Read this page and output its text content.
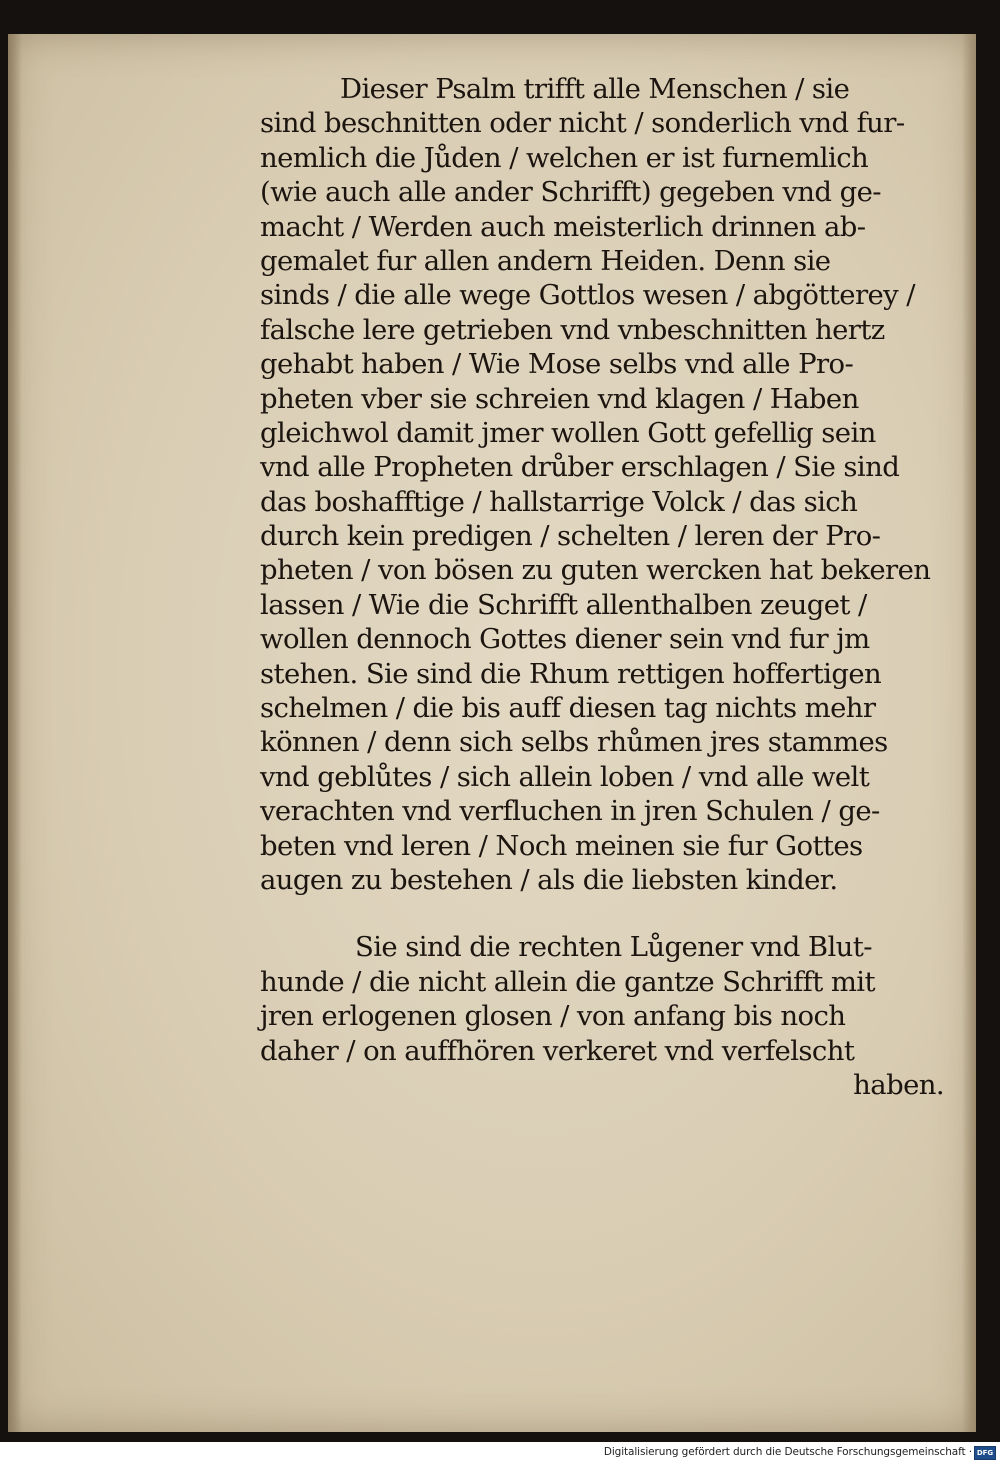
Dieser Psalm trifft alle Menschen / sie
sind beschnitten oder nicht / sonderlich vnd fur-
nemlich die Jůden / welchen er ist furnemlich
(wie auch alle ander Schrifft) gegeben vnd ge-
macht / Werden auch meisterlich drinnen ab-
gemalet fur allen andern Heiden. Denn sie
sinds / die alle wege Gottlos wesen / abgötterey /
falsche lere getrieben vnd vnbeschnitten hertz
gehabt haben / Wie Mose selbs vnd alle Pro-
pheten vber sie schreien vnd klagen / Haben
gleichwol damit jmer wollen Gott gefellig sein
vnd alle Propheten drůber erschlagen / Sie sind
das boshafftige / hallstarrige Volck / das sich
durch kein predigen / schelten / leren der Pro-
pheten / von bösen zu guten wercken hat bekeren
lassen / Wie die Schrifft allenthalben zeuget /
wollen dennoch Gottes diener sein vnd fur jm
stehen. Sie sind die Rhum rettigen hoffertigen
schelmen / die bis auff diesen tag nichts mehr
können / denn sich selbs rhůmen jres stammes
vnd geblůtes / sich allein loben / vnd alle welt
verachten vnd verfluchen in jren Schulen / ge-
beten vnd leren / Noch meinen sie fur Gottes
augen zu bestehen / als die liebsten kinder.
Sie sind die rechten Lůgener vnd Blut-
hunde / die nicht allein die gantze Schrifft mit
jren erlogenen glosen / von anfang bis noch
daher / on auffhören verkeret vnd verfelscht
haben.
Digitalisierung gefördert durch die Deutsche Forschungsgemeinschaft · DFG
